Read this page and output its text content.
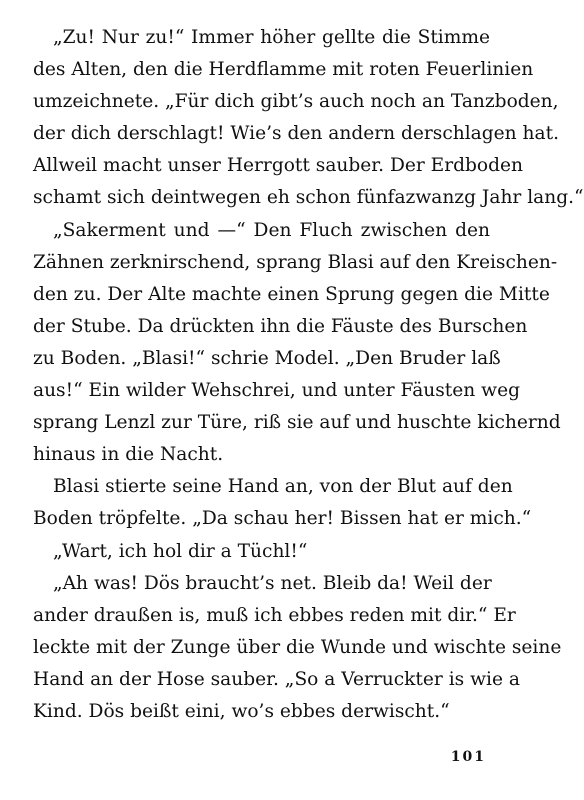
„Zu! Nur zu!“ Immer höher gellte die Stimme
des Alten, den die Herdflamme mit roten Feuerlinien
umzeichnete. „Für dich gibt’s auch noch an Tanzboden,
der dich derschlagt! Wie’s den andern derschlagen hat.
Allweil macht unser Herrgott sauber. Der Erdboden
schamt sich deintwegen eh schon fünfazwanzg Jahr lang.“
„Sakerment und —“ Den Fluch zwischen den
Zähnen zerknirschend, sprang Blasi auf den Kreischen-
den zu. Der Alte machte einen Sprung gegen die Mitte
der Stube. Da drückten ihn die Fäuste des Burschen
zu Boden. „Blasi!“ schrie Model. „Den Bruder laß
aus!“ Ein wilder Wehschrei, und unter Fäusten weg
sprang Lenzl zur Türe, riß sie auf und huschte kichernd
hinaus in die Nacht.
Blasi stierte seine Hand an, von der Blut auf den
Boden tröpfelte. „Da schau her! Bissen hat er mich.“
„Wart, ich hol dir a Tüchl!“
„Ah was! Dös braucht’s net. Bleib da! Weil der
ander draußen is, muß ich ebbes reden mit dir.“ Er
leckte mit der Zunge über die Wunde und wischte seine
Hand an der Hose sauber. „So a Verruckter is wie a
Kind. Dös beißt eini, wo’s ebbes derwischt.“
101
